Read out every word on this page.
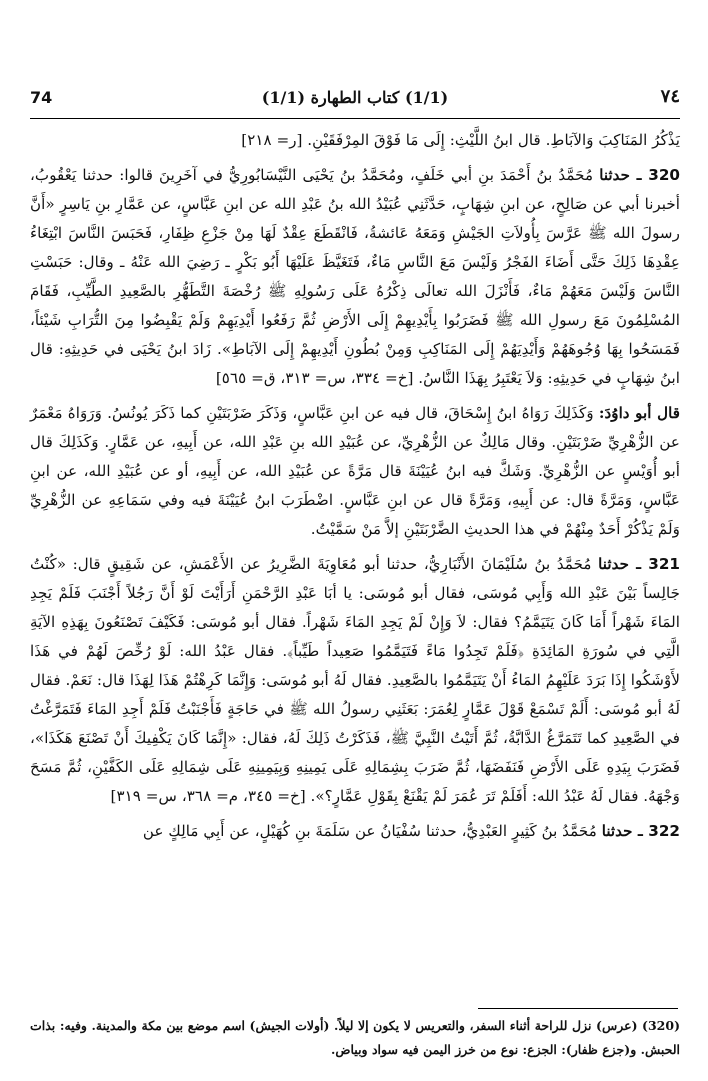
74	(1/1) كتاب الطهارة (1/1)	٧٤

يَذْكُرُ المَنَاكِبَ وَالآبَاطِ. قال ابنُ اللَّيْثِ: إِلَى مَا فَوْقَ المِرْفَقَيْنِ. [ر= ٢١٨]

320 ـ حدثنا مُحَمَّدُ بنُ أَحْمَدَ بنِ أبي خَلَفٍ، ومُحَمَّدُ بنُ يَحْيَى النَّيْسَابُورِيُّ في آخَرِينَ قالوا: حدثنا يَعْقُوبُ، أخبرنا أبي عن صَالِحٍ، عن ابنِ شِهَابٍ، حَدَّثَنِي عُبَيْدُ الله بنُ عَبْدِ الله عن ابنِ عَبَّاسٍ، عن عَمَّارِ بنِ يَاسِرٍ «أَنَّ رسولَ الله ﷺ عَرَّسَ بِأُولاَتِ الجَيْشِ وَمَعَهُ عَائشةُ، فَانْقَطَعَ عِقْدٌ لَهَا مِنْ جَزْعِ ظِفَارِ، فَحَبَسَ النَّاسَ ابْتِغَاءُ عِقْدِهَا ذَلِكَ حَتَّى أَضَاءَ الفَجْرُ وَلَيْسَ مَعَ النَّاسِ مَاءٌ، فَتَغَيَّظَ عَلَيْهَا أَبُو بَكْرٍ ـ رَضِيَ الله عَنْهُ ـ وقال: حَبَسْتِ النَّاسَ وَلَيْسَ مَعَهُمْ مَاءٌ، فَأَنْزَلَ الله تعالَى ذِكْرُهُ عَلَى رَسُولِهِ ﷺ رُخْصَةَ التَّطَهُّرِ بالصَّعِيدِ الطَّيِّبِ، فَقَامَ المُسْلِمُونَ مَعَ رسولِ الله ﷺ فَضَرَبُوا بِأَيْدِيهِمْ إِلَى الأَرْضِ ثُمَّ رَفَعُوا أَيْدِيَهِمْ وَلَمْ يَقْبِضُوا مِنَ التُّرَابِ شَيْئاً، فَمَسَحُوا بِهَا وُجُوهَهُمْ وَأَيْدِيَهُمْ إِلَى المَنَاكِبِ وَمِنْ بُطُونِ أَيْدِيهِمْ إِلَى الآبَاطِ». زَادَ ابنُ يَحْيَى في حَدِيثِهِ: قال ابنُ شِهَابٍ في حَدِيثِهِ: وَلاَ يَعْتَبِرُ بِهَذَا النَّاسُ. [خ= ٣٣٤، س= ٣١٣، ق= ٥٦٥]

قال أبو داوُدَ: وَكَذَلِكَ رَوَاهُ ابنُ إِسْحَاقَ، قال فيه عن ابنِ عَبَّاسٍ، وَذَكَرَ ضَرْبَتَيْنِ كما ذَكَرَ يُونُسُ. وَرَوَاهُ مَعْمَرٌ عن الزُّهْرِيِّ ضَرْبَتَيْنِ. وقال مَالِكٌ عن الزُّهْرِيِّ، عن عُبَيْدِ الله بنِ عَبْدِ الله، عن أَبِيهِ، عن عَمَّارٍ. وَكَذَلِكَ قال أبو أُوَيْسٍ عن الزُّهْرِيِّ. وَشَكَّ فيه ابنُ عُيَيْنَةَ قال مَرَّةً عن عُبَيْدِ الله، عن أَبِيهِ، أو عن عُبَيْدِ الله، عن ابنِ عَبَّاسٍ، وَمَرَّةً قال: عن أَبِيهِ، وَمَرَّةً قال عن ابنِ عَبَّاسٍ. اضْطَرَبَ ابنُ عُيَيْنَةَ فيه وفي سَمَاعِهِ عن الزُّهْرِيِّ وَلَمْ يَذْكُرْ أَحَدٌ مِنْهُمْ في هذا الحديثِ الضَّرْبَتَيْنِ إلاَّ مَنْ سَمَّيْتُ.

321 ـ حدثنا مُحَمَّدُ بنُ سُلَيْمَانَ الأَنْبَارِيُّ، حدثنا أبو مُعَاوِيَةَ الضَّرِيرُ عن الأَعْمَشِ، عن شَقِيقٍ قال: «كُنْتُ جَالِساً بَيْنَ عَبْدِ الله وَأَبِي مُوسَى، فقال أبو مُوسَى: يا أبَا عَبْدِ الرَّحْمَنِ أَرَأَيْتَ لَوْ أَنَّ رَجُلاً أَجْنَبَ فَلَمْ يَجِدِ المَاءَ شَهْراً أَمَا كَانَ يَتَيَمَّمُ؟ فقال: لاَ وَإِنْ لَمْ يَجِدِ المَاءَ شَهْراً. فقال أبو مُوسَى: فَكَيْفَ تَصْنَعُونَ بِهَذِهِ الآيَةِ الَّتِي في سُورَةِ المَائِدَةِ ﴿فَلَمْ تَجِدُوا مَاءً فَتَيَمَّمُوا صَعِيداً طَيِّباً﴾. فقال عَبْدُ الله: لَوْ رُخِّصَ لَهُمْ في هَذَا لأَوْشَكُوا إِذَا بَرَدَ عَلَيْهِمُ المَاءُ أَنْ يَتَيَمَّمُوا بالصَّعِيدِ. فقال لَهُ أبو مُوسَى: وَإِنَّمَا كَرِهْتُمْ هَذَا لِهَذَا قال: نَعَمْ. فقال لَهُ أبو مُوسَى: أَلَمْ تَسْمَعْ قَوْلَ عَمَّارٍ لِعُمَرَ: بَعَثَنِي رسولُ الله ﷺ في حَاجَةٍ فَأَجْنَبْتُ فَلَمْ أَجِدِ المَاءَ فَتَمَرَّغْتُ في الصَّعِيدِ كما تَتَمَرَّغُ الدَّابَّةُ، ثُمَّ أَتَيْتُ النَّبِيَّ ﷺ، فَذَكَرْتُ ذَلِكَ لَهُ، فقال: «إِنَّمَا كَانَ يَكْفِيكَ أَنْ تَصْنَعَ هَكَذَا»، فَضَرَبَ بِيَدِهِ عَلَى الأَرْضِ فَنَفَضَهَا، ثُمَّ ضَرَبَ بِشِمَالِهِ عَلَى يَمِينِهِ وَبِيَمِينِهِ عَلَى شِمَالِهِ عَلَى الكَفَّيْنِ، ثُمَّ مَسَحَ وَجْهَهُ. فقال لَهُ عَبْدُ الله: أَفَلَمْ تَرَ عُمَرَ لَمْ يَقْنَعْ بِقَوْلِ عَمَّارٍ؟». [خ= ٣٤٥، م= ٣٦٨، س= ٣١٩]

322 ـ حدثنا مُحَمَّدُ بنُ كَثِيرٍ العَبْدِيُّ، حدثنا سُفْيَانُ عن سَلَمَةَ بنِ كُهَيْلٍ، عن أَبِي مَالِكٍ عن

(320) (عرس) نزل للراحة أثناء السفر، والتعريس لا يكون إلا ليلاً. (أولات الجيش) اسم موضع بين مكة والمدينة. وفيه: بذات الحبش. و(جزع ظفار): الجزع: نوع من خرز اليمن فيه سواد وبياض.
